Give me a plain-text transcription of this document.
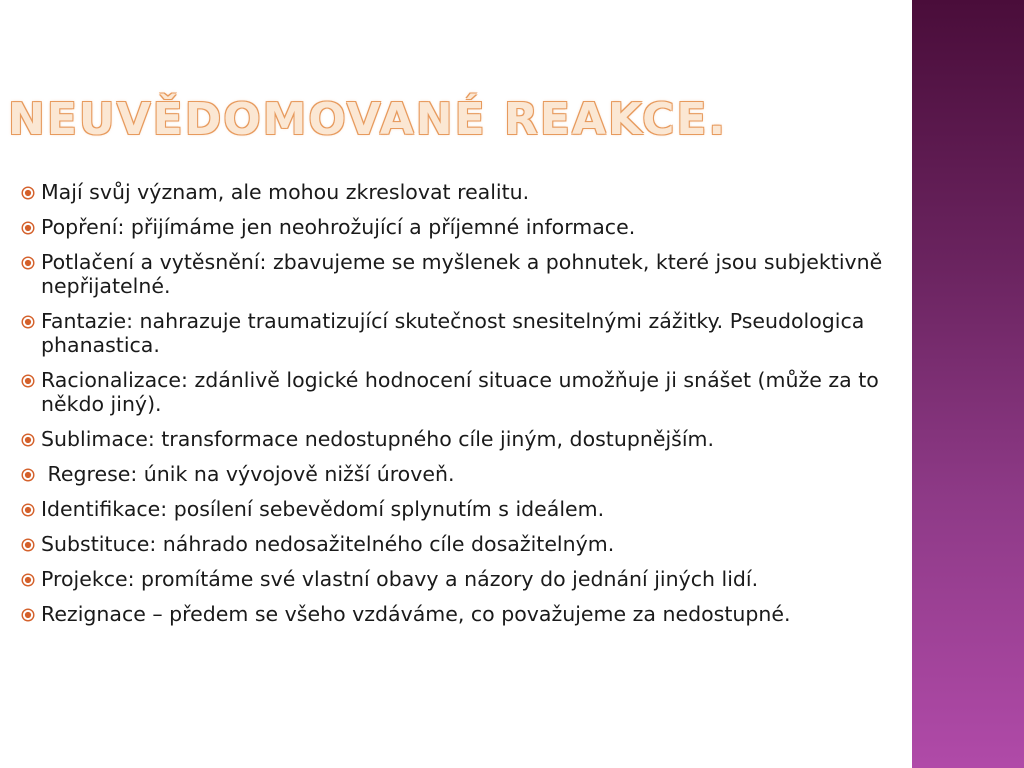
NEUVĚDOMOVANÉ REAKCE.
Mají svůj význam, ale mohou zkreslovat realitu.
Popření: přijímáme jen neohrožující a příjemné informace.
Potlačení a vytěsnění: zbavujeme se myšlenek a pohnutek, které jsou subjektivně nepřijatelné.
Fantazie: nahrazuje traumatizující skutečnost snesitelnými zážitky. Pseudologica phanastica.
Racionalizace: zdánlivě logické hodnocení situace umožňuje ji snášet (může za to někdo jiný).
Sublimace: transformace nedostupného cíle jiným, dostupnějším.
Regrese: únik na vývojově nižší úroveň.
Identifikace: posílení sebevědomí splynutím s ideálem.
Substituce: náhrado nedosažitelného cíle dosažitelným.
Projekce: promítáme své vlastní obavy a názory do jednání jiných lidí.
Rezignace – předem se všeho vzdáváme, co považujeme za nedostupné.
